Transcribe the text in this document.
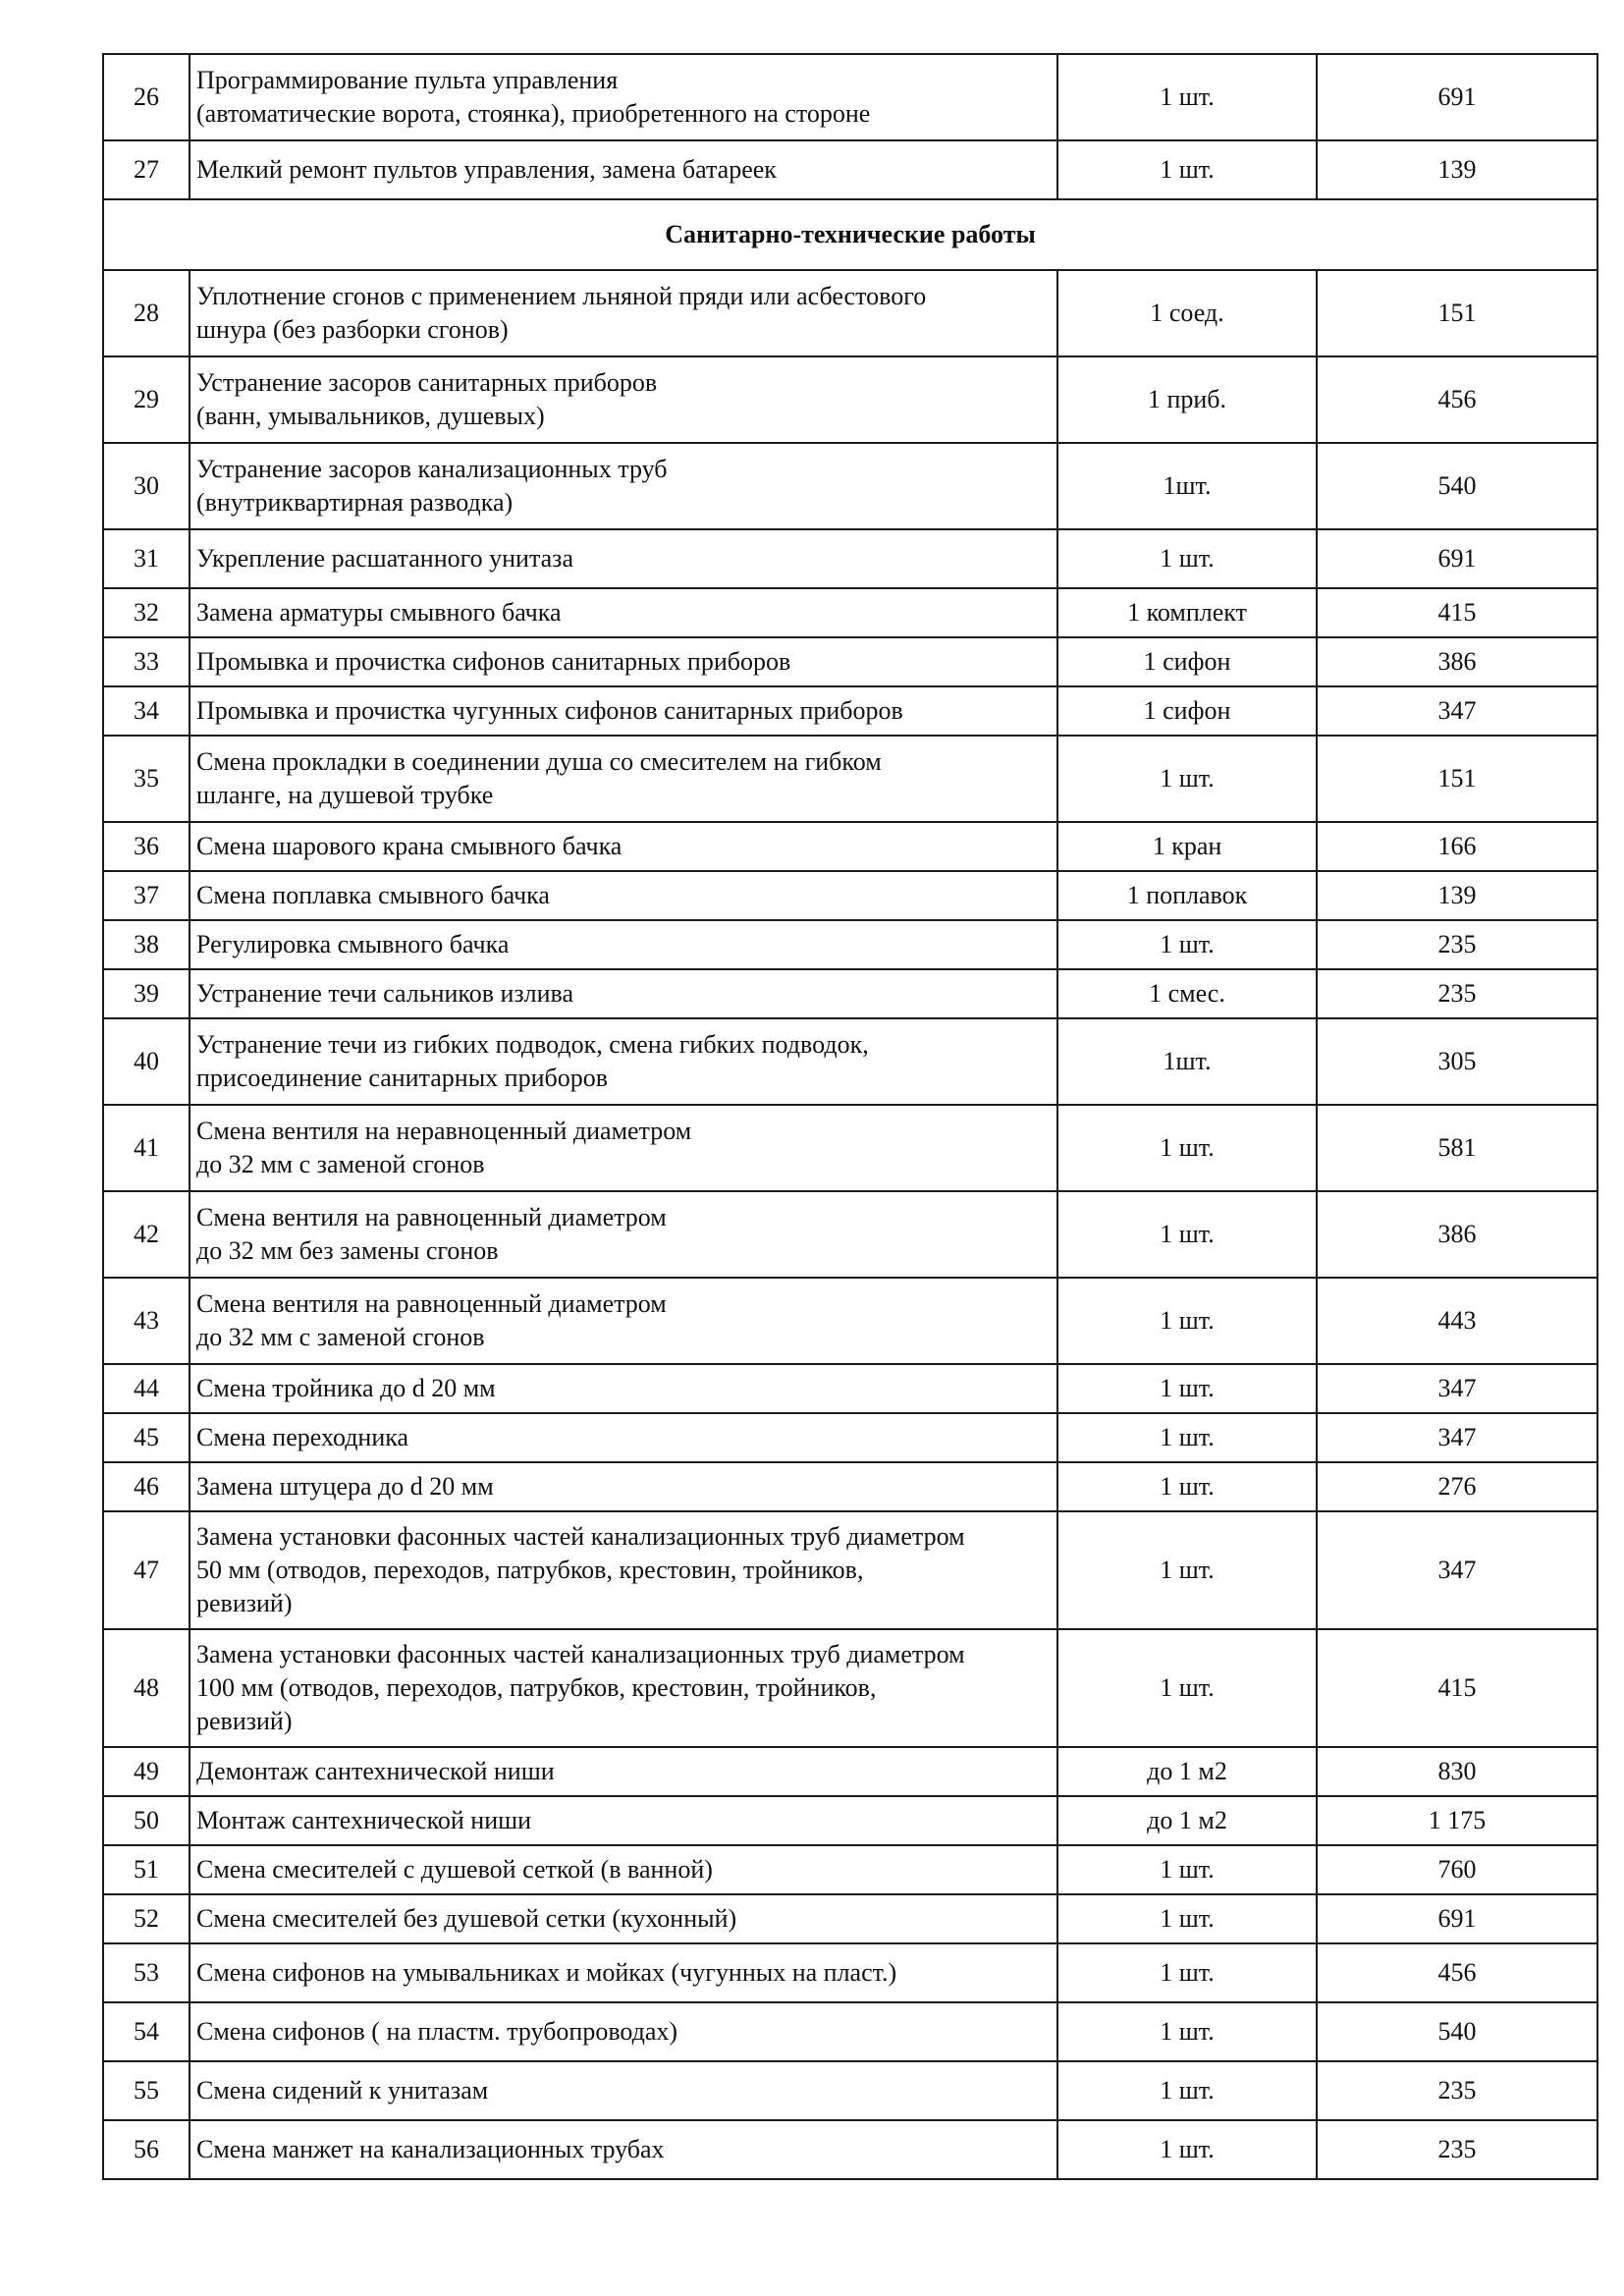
26	Программирование пульта управления
(автоматические ворота, стоянка), приобретенного на стороне	1 шт.	691
27	Мелкий ремонт пультов управления, замена батареек	1 шт.	139
Санитарно-технические работы			
28	Уплотнение сгонов с применением льняной пряди или асбестового
шнура (без разборки сгонов)	1 соед.	151
29	Устранение засоров санитарных приборов
(ванн, умывальников, душевых)	1 приб.	456
30	Устранение засоров канализационных труб
(внутриквартирная разводка)	1шт.	540
31	Укрепление расшатанного унитаза	1 шт.	691
32	Замена арматуры смывного бачка	1 комплект	415
33	Промывка и прочистка сифонов санитарных приборов	1 сифон	386
34	Промывка и прочистка чугунных сифонов санитарных приборов	1 сифон	347
35	Смена прокладки в соединении душа со смесителем на гибком
шланге, на душевой трубке	1 шт.	151
36	Смена шарового крана смывного бачка	1 кран	166
37	Смена поплавка смывного бачка	1 поплавок	139
38	Регулировка смывного бачка	1 шт.	235
39	Устранение течи сальников излива	1 смес.	235
40	Устранение течи из гибких подводок, смена гибких подводок,
присоединение санитарных приборов	1шт.	305
41	Смена вентиля на неравноценный диаметром
до 32 мм с заменой сгонов	1 шт.	581
42	Смена вентиля на равноценный диаметром
до 32 мм без замены сгонов	1 шт.	386
43	Смена вентиля на равноценный диаметром
до 32 мм с заменой сгонов	1 шт.	443
44	Смена тройника до d 20 мм	1 шт.	347
45	Смена переходника	1 шт.	347
46	Замена штуцера до d 20 мм	1 шт.	276
47	Замена установки фасонных частей канализационных труб диаметром
50 мм (отводов, переходов, патрубков, крестовин, тройников,
ревизий)	1 шт.	347
48	Замена установки фасонных частей канализационных труб диаметром
100 мм (отводов, переходов, патрубков, крестовин, тройников,
ревизий)	1 шт.	415
49	Демонтаж сантехнической ниши	до 1 м2	830
50	Монтаж сантехнической ниши	до 1 м2	1 175
51	Смена смесителей с душевой сеткой (в ванной)	1 шт.	760
52	Смена смесителей без душевой сетки (кухонный)	1 шт.	691
53	Смена сифонов на умывальниках и мойках (чугунных на пласт.)	1 шт.	456
54	Смена сифонов ( на пластм. трубопроводах)	1 шт.	540
55	Смена сидений к унитазам	1 шт.	235
56	Смена манжет на канализационных трубах	1 шт.	235
